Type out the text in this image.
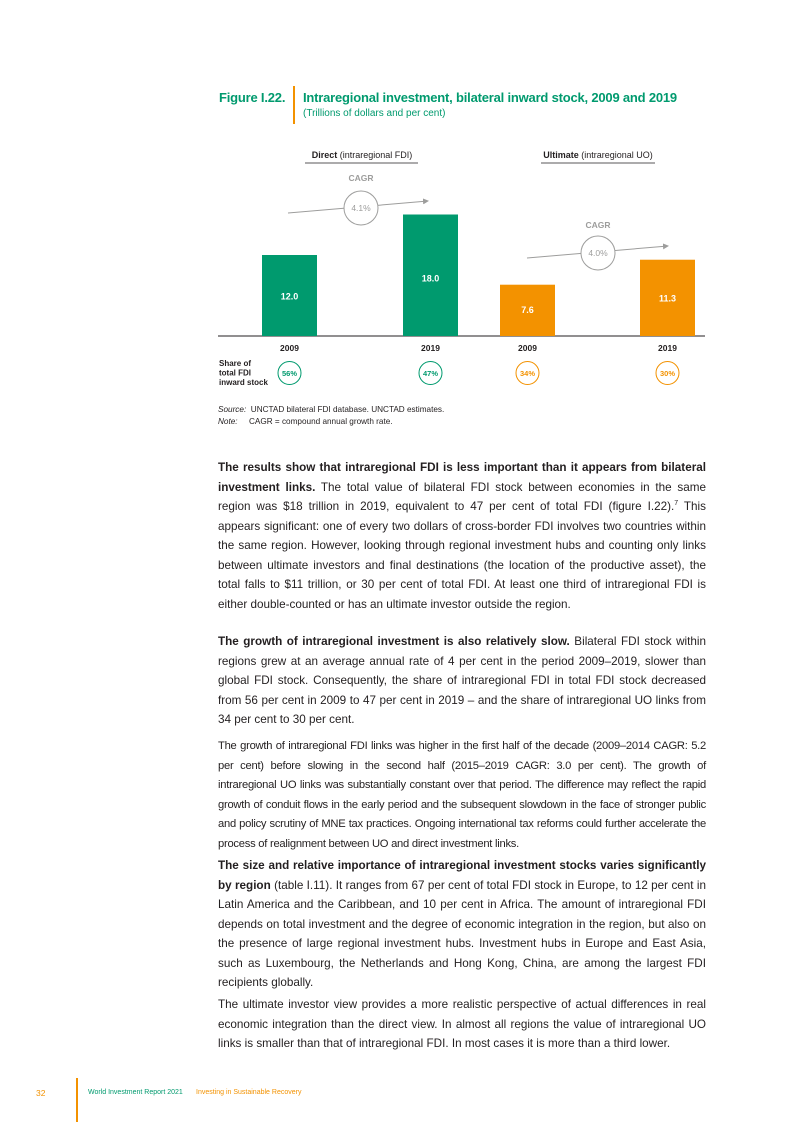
Figure I.22. Intraregional investment, bilateral inward stock, 2009 and 2019
(Trillions of dollars and per cent)
Direct (intraregional FDI)
12.0
2009
56%
18.0
2019
47%
CAGR
4.1%
Ultimate (intraregional UO)
7.6
2009
34%
11.3
2019
30%
CAGR
4.0%
Share of
total FDI
inward stock
Source: UNCTAD bilateral FDI database. UNCTAD estimates.
Note: CAGR = compound annual growth rate.
The results show that intraregional FDI is less important than it appears from bilateral investment links. The total value of bilateral FDI stock between economies in the same region was $18 trillion in 2019, equivalent to 47 per cent of total FDI (figure I.22).$^7$ This appears significant: one of every two dollars of cross-border FDI involves two countries within the same region. However, looking through regional investment hubs and counting only links between ultimate investors and final destinations (the location of the productive asset), the total falls to $11 trillion, or 30 per cent of total FDI. At least one third of intraregional FDI is either double-counted or has an ultimate investor outside the region.
The growth of intraregional investment is also relatively slow. Bilateral FDI stock within regions grew at an average annual rate of 4 per cent in the period 2009–2019, slower than global FDI stock. Consequently, the share of intraregional FDI in total FDI stock decreased from 56 per cent in 2009 to 47 per cent in 2019 – and the share of intraregional UO links from 34 per cent to 30 per cent.
The growth of intraregional FDI links was higher in the first half of the decade (2009–2014 CAGR: 5.2 per cent) before slowing in the second half (2015–2019 CAGR: 3.0 per cent). The growth of intraregional UO links was substantially constant over that period. The difference may reflect the rapid growth of conduit flows in the early period and the subsequent slowdown in the face of stronger public and policy scrutiny of MNE tax practices. Ongoing international tax reforms could further accelerate the process of realignment between UO and direct investment links.
The size and relative importance of intraregional investment stocks varies significantly by region (table I.11). It ranges from 67 per cent of total FDI stock in Europe, to 12 per cent in Latin America and the Caribbean, and 10 per cent in Africa. The amount of intraregional FDI depends on total investment and the degree of economic integration in the region, but also on the presence of large regional investment hubs. Investment hubs in Europe and East Asia, such as Luxembourg, the Netherlands and Hong Kong, China, are among the largest FDI recipients globally.
The ultimate investor view provides a more realistic perspective of actual differences in real economic integration than the direct view. In almost all regions the value of intraregional UO links is smaller than that of intraregional FDI. In most cases it is more than a third lower.
32	World Investment Report 2021 Investing in Sustainable Recovery
